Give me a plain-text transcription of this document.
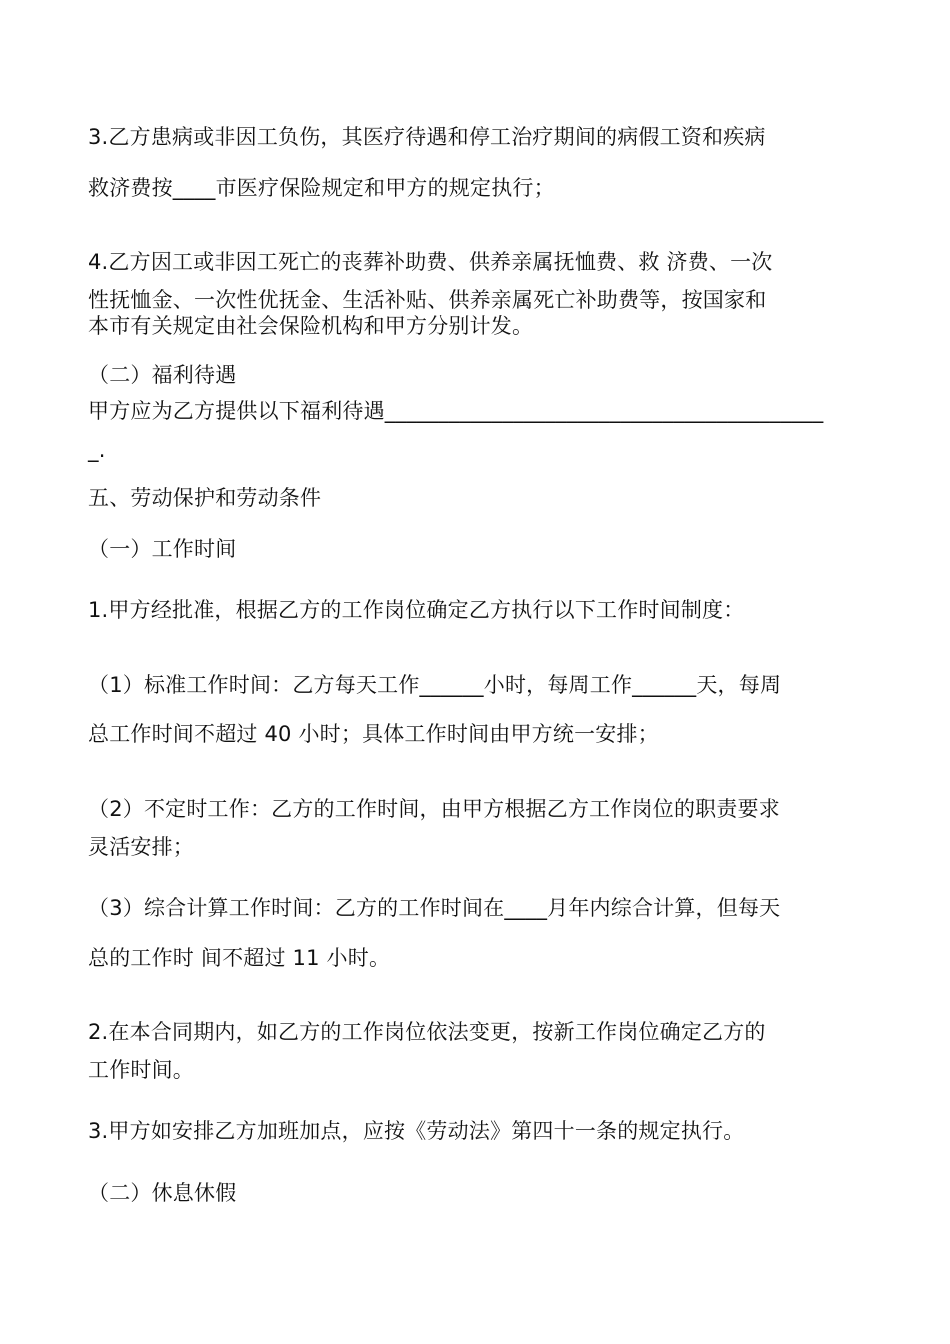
3.乙方患病或非因工负伤，其医疗待遇和停工治疗期间的病假工资和疾病
救济费按____市医疗保险规定和甲方的规定执行；
4.乙方因工或非因工死亡的丧葬补助费、供养亲属抚恤费、救 济费、一次
性抚恤金、一次性优抚金、生活补贴、供养亲属死亡补助费等，按国家和
本市有关规定由社会保险机构和甲方分别计发。
（二）福利待遇
甲方应为乙方提供以下福利待遇_________________________________________
_.
五、劳动保护和劳动条件
（一）工作时间
1.甲方经批准，根据乙方的工作岗位确定乙方执行以下工作时间制度：
（1）标准工作时间：乙方每天工作______小时，每周工作______天，每周
总工作时间不超过 40 小时；具体工作时间由甲方统一安排；
（2）不定时工作：乙方的工作时间，由甲方根据乙方工作岗位的职责要求
灵活安排；
（3）综合计算工作时间：乙方的工作时间在____月年内综合计算，但每天
总的工作时 间不超过 11 小时。
2.在本合同期内，如乙方的工作岗位依法变更，按新工作岗位确定乙方的
工作时间。
3.甲方如安排乙方加班加点，应按《劳动法》第四十一条的规定执行。
（二）休息休假
